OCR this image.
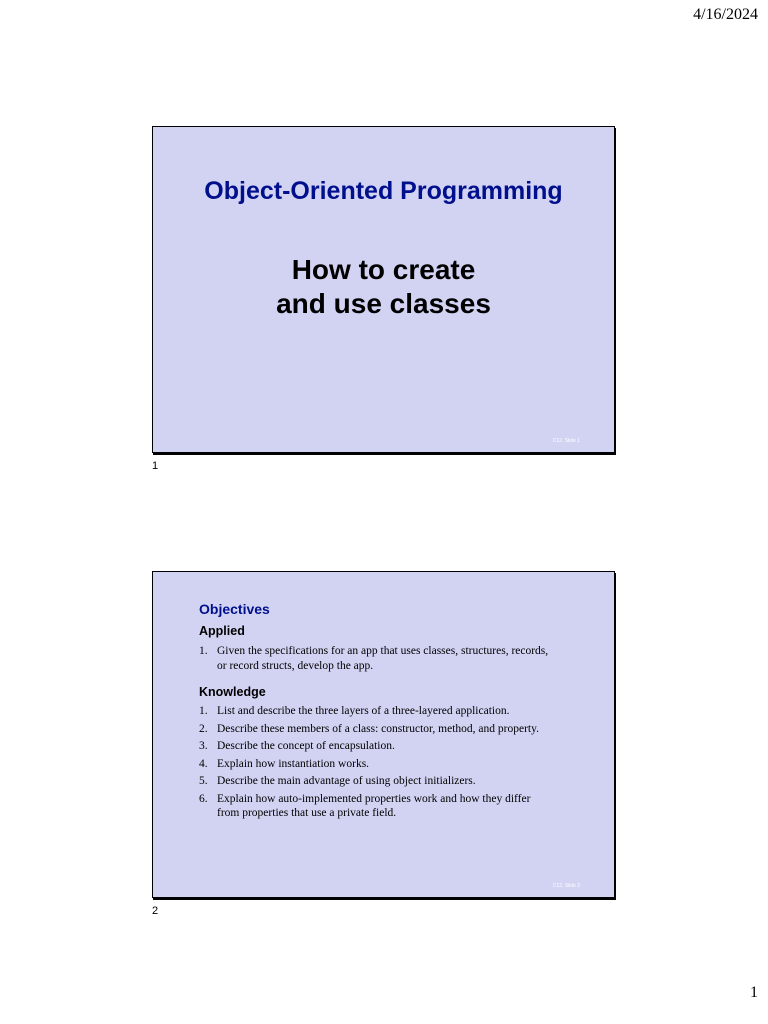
4/16/2024
Object-Oriented Programming
How to create
and use classes
C12, Slide 1
1
Objectives
Applied
1. Given the specifications for an app that uses classes, structures, records, or record structs, develop the app.
Knowledge
1. List and describe the three layers of a three-layered application.
2. Describe these members of a class: constructor, method, and property.
3. Describe the concept of encapsulation.
4. Explain how instantiation works.
5. Describe the main advantage of using object initializers.
6. Explain how auto-implemented properties work and how they differ from properties that use a private field.
C12, Slide 2
2
1
